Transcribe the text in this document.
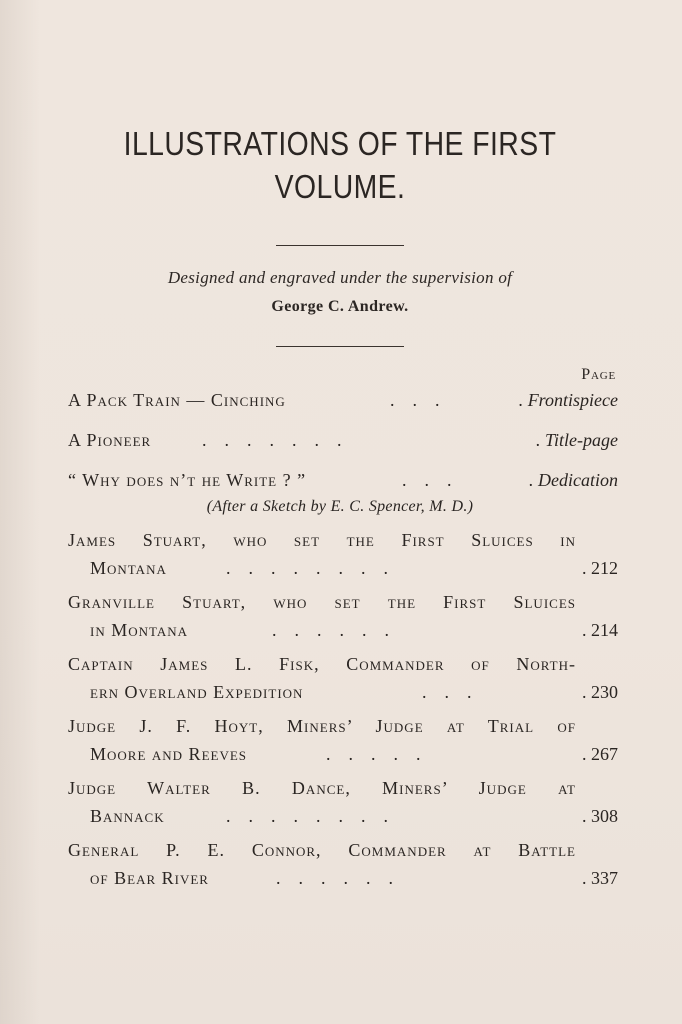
ILLUSTRATIONS OF THE FIRST
VOLUME.
Designed and engraved under the supervision of
George C. Andrew.
Page
A Pack Train — Cinching	.    .    .	. Frontispiece
A Pioneer	.    .    .    .    .    .    .	. Title-page
“ Why does n’t he Write ? ”	.    .    .	. Dedication
(After a Sketch by E. C. Spencer, M. D.)
James Stuart, who set the First Sluices in
Montana	.    .    .    .    .    .    .    .	. 212
Granville Stuart, who set the First Sluices
in Montana	.    .    .    .    .    .	. 214
Captain James L. Fisk, Commander of North-
ern Overland Expedition	.    .    .	. 230
Judge J. F. Hoyt, Miners’ Judge at Trial of
Moore and Reeves	.    .    .    .    .	. 267
Judge Walter B. Dance, Miners’ Judge at
Bannack	.    .    .    .    .    .    .    .	. 308
General P. E. Connor, Commander at Battle
of Bear River	.    .    .    .    .    .	. 337
